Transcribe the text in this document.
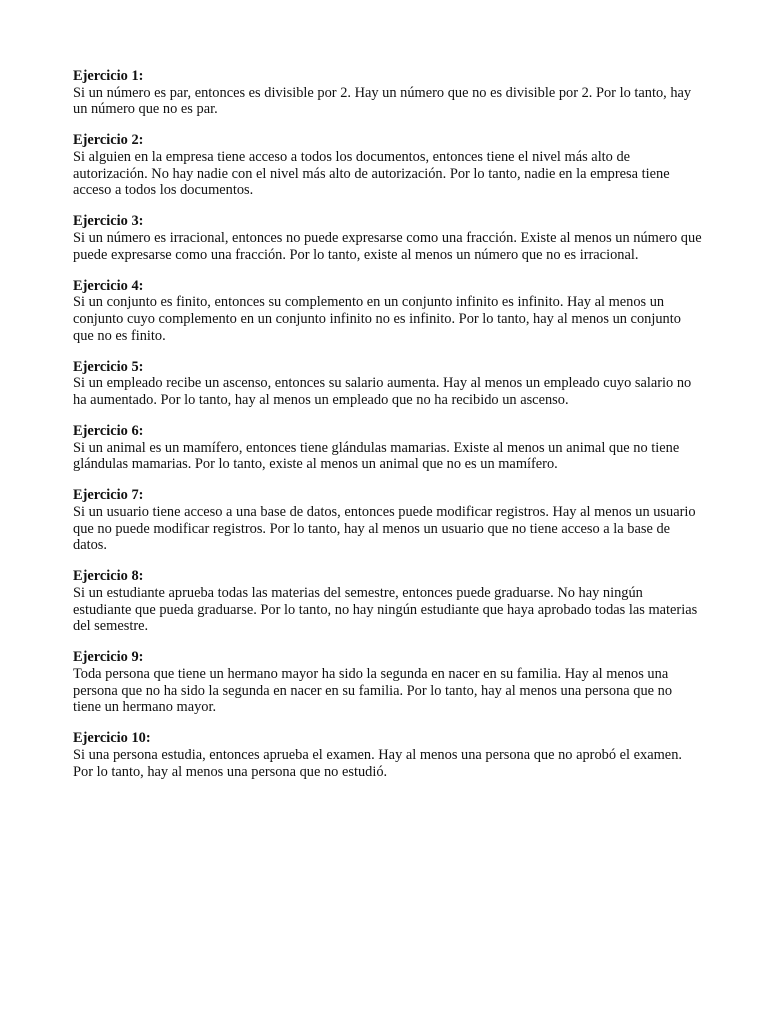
Ejercicio 1:
Si un número es par, entonces es divisible por 2. Hay un número que no es divisible por 2. Por lo tanto, hay un número que no es par.
Ejercicio 2:
Si alguien en la empresa tiene acceso a todos los documentos, entonces tiene el nivel más alto de autorización. No hay nadie con el nivel más alto de autorización. Por lo tanto, nadie en la empresa tiene acceso a todos los documentos.
Ejercicio 3:
Si un número es irracional, entonces no puede expresarse como una fracción. Existe al menos un número que puede expresarse como una fracción. Por lo tanto, existe al menos un número que no es irracional.
Ejercicio 4:
Si un conjunto es finito, entonces su complemento en un conjunto infinito es infinito. Hay al menos un conjunto cuyo complemento en un conjunto infinito no es infinito. Por lo tanto, hay al menos un conjunto que no es finito.
Ejercicio 5:
Si un empleado recibe un ascenso, entonces su salario aumenta. Hay al menos un empleado cuyo salario no ha aumentado. Por lo tanto, hay al menos un empleado que no ha recibido un ascenso.
Ejercicio 6:
Si un animal es un mamífero, entonces tiene glándulas mamarias. Existe al menos un animal que no tiene glándulas mamarias. Por lo tanto, existe al menos un animal que no es un mamífero.
Ejercicio 7:
Si un usuario tiene acceso a una base de datos, entonces puede modificar registros. Hay al menos un usuario que no puede modificar registros. Por lo tanto, hay al menos un usuario que no tiene acceso a la base de datos.
Ejercicio 8:
Si un estudiante aprueba todas las materias del semestre, entonces puede graduarse. No hay ningún estudiante que pueda graduarse. Por lo tanto, no hay ningún estudiante que haya aprobado todas las materias del semestre.
Ejercicio 9:
Toda persona que tiene un hermano mayor ha sido la segunda en nacer en su familia. Hay al menos una persona que no ha sido la segunda en nacer en su familia. Por lo tanto, hay al menos una persona que no tiene un hermano mayor.
Ejercicio 10:
Si una persona estudia, entonces aprueba el examen. Hay al menos una persona que no aprobó el examen. Por lo tanto, hay al menos una persona que no estudió.
